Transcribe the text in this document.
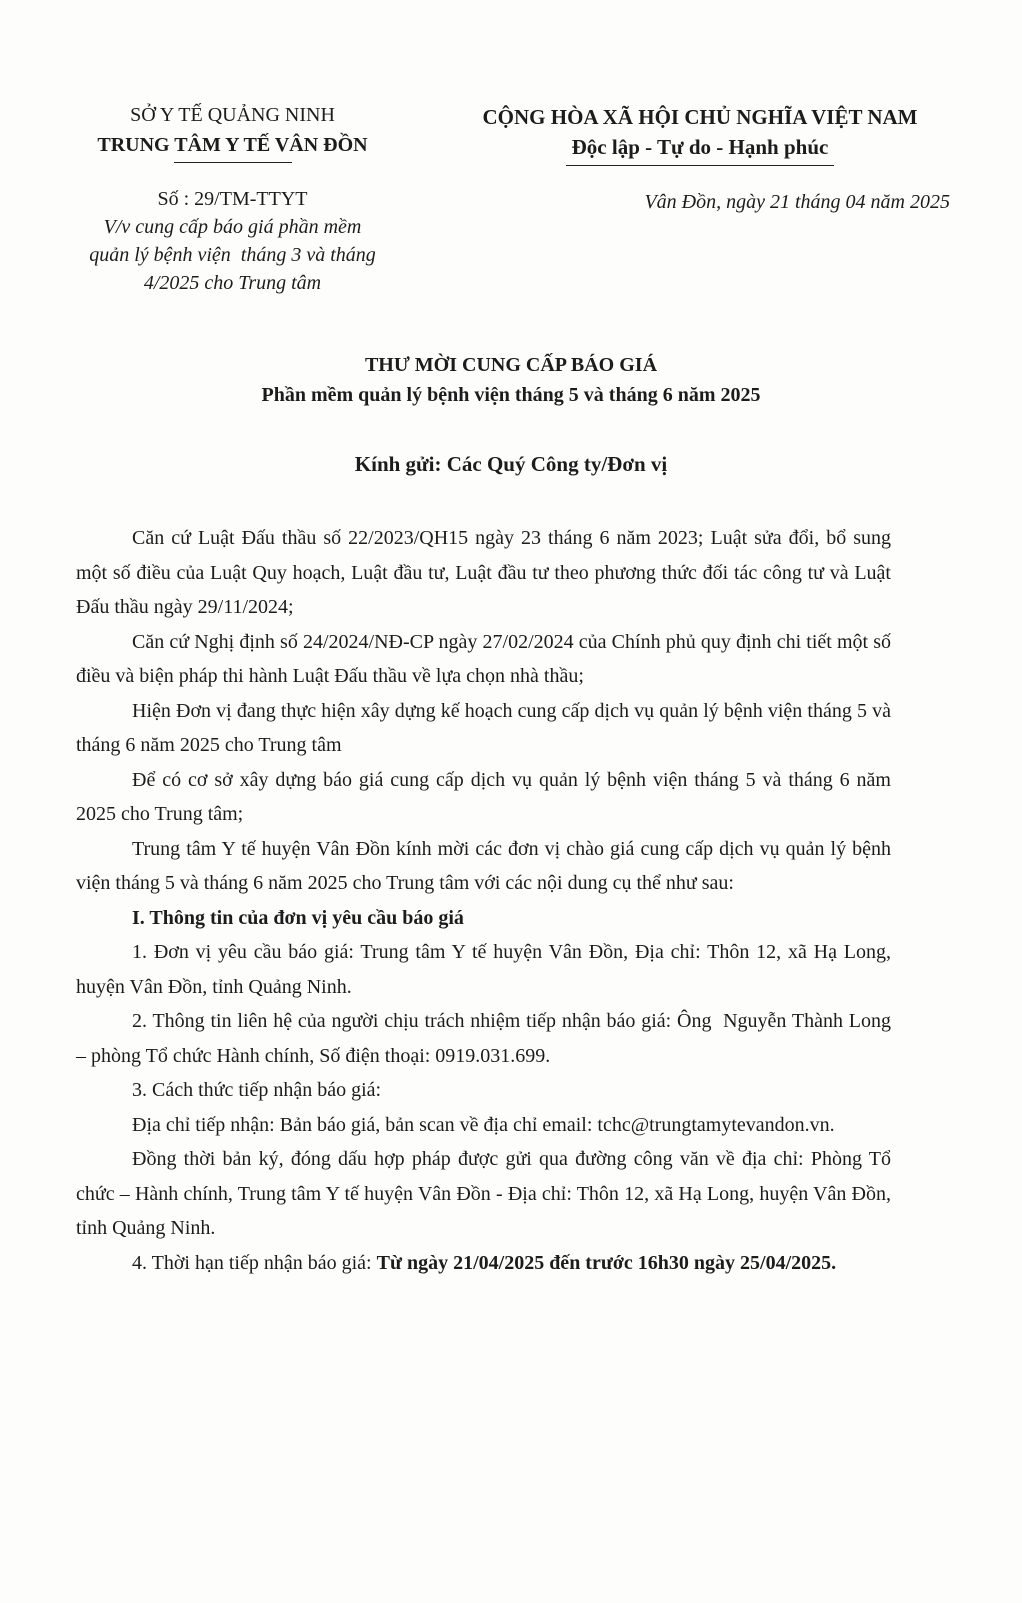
SỞ Y TẾ QUẢNG NINH
TRUNG TÂM Y TẾ VÂN ĐỒN
CỘNG HÒA XÃ HỘI CHỦ NGHĨA VIỆT NAM
Độc lập - Tự do - Hạnh phúc
Số : 29/TM-TTYT
V/v cung cấp báo giá phần mềm
quản lý bệnh viện  tháng 3 và tháng
4/2025 cho Trung tâm
Vân Đồn, ngày 21 tháng 04 năm 2025
THƯ MỜI CUNG CẤP BÁO GIÁ
Phần mềm quản lý bệnh viện tháng 5 và tháng 6 năm 2025
Kính gửi: Các Quý Công ty/Đơn vị

Căn cứ Luật Đấu thầu số 22/2023/QH15 ngày 23 tháng 6 năm 2023; Luật sửa đổi, bổ sung một số điều của Luật Quy hoạch, Luật đầu tư, Luật đầu tư theo phương thức đối tác công tư và Luật Đấu thầu ngày 29/11/2024;

Căn cứ Nghị định số 24/2024/NĐ-CP ngày 27/02/2024 của Chính phủ quy định chi tiết một số điều và biện pháp thi hành Luật Đấu thầu về lựa chọn nhà thầu;

Hiện Đơn vị đang thực hiện xây dựng kế hoạch cung cấp dịch vụ quản lý bệnh viện tháng 5 và tháng 6 năm 2025 cho Trung tâm

Để có cơ sở xây dựng báo giá cung cấp dịch vụ quản lý bệnh viện tháng 5 và tháng 6 năm 2025 cho Trung tâm;

Trung tâm Y tế huyện Vân Đồn kính mời các đơn vị chào giá cung cấp dịch vụ quản lý bệnh viện tháng 5 và tháng 6 năm 2025 cho Trung tâm với các nội dung cụ thể như sau:

I. Thông tin của đơn vị yêu cầu báo giá

1. Đơn vị yêu cầu báo giá: Trung tâm Y tế huyện Vân Đồn, Địa chỉ: Thôn 12, xã Hạ Long, huyện Vân Đồn, tỉnh Quảng Ninh.

2. Thông tin liên hệ của người chịu trách nhiệm tiếp nhận báo giá: Ông  Nguyễn Thành Long – phòng Tổ chức Hành chính, Số điện thoại: 0919.031.699.

3. Cách thức tiếp nhận báo giá:

Địa chỉ tiếp nhận: Bản báo giá, bản scan về địa chỉ email: tchc@trungtamytevandon.vn.

Đồng thời bản ký, đóng dấu hợp pháp được gửi qua đường công văn về địa chỉ: Phòng Tổ chức – Hành chính, Trung tâm Y tế huyện Vân Đồn - Địa chỉ: Thôn 12, xã Hạ Long, huyện Vân Đồn, tỉnh Quảng Ninh.

4. Thời hạn tiếp nhận báo giá: Từ ngày 21/04/2025 đến trước 16h30 ngày 25/04/2025.
